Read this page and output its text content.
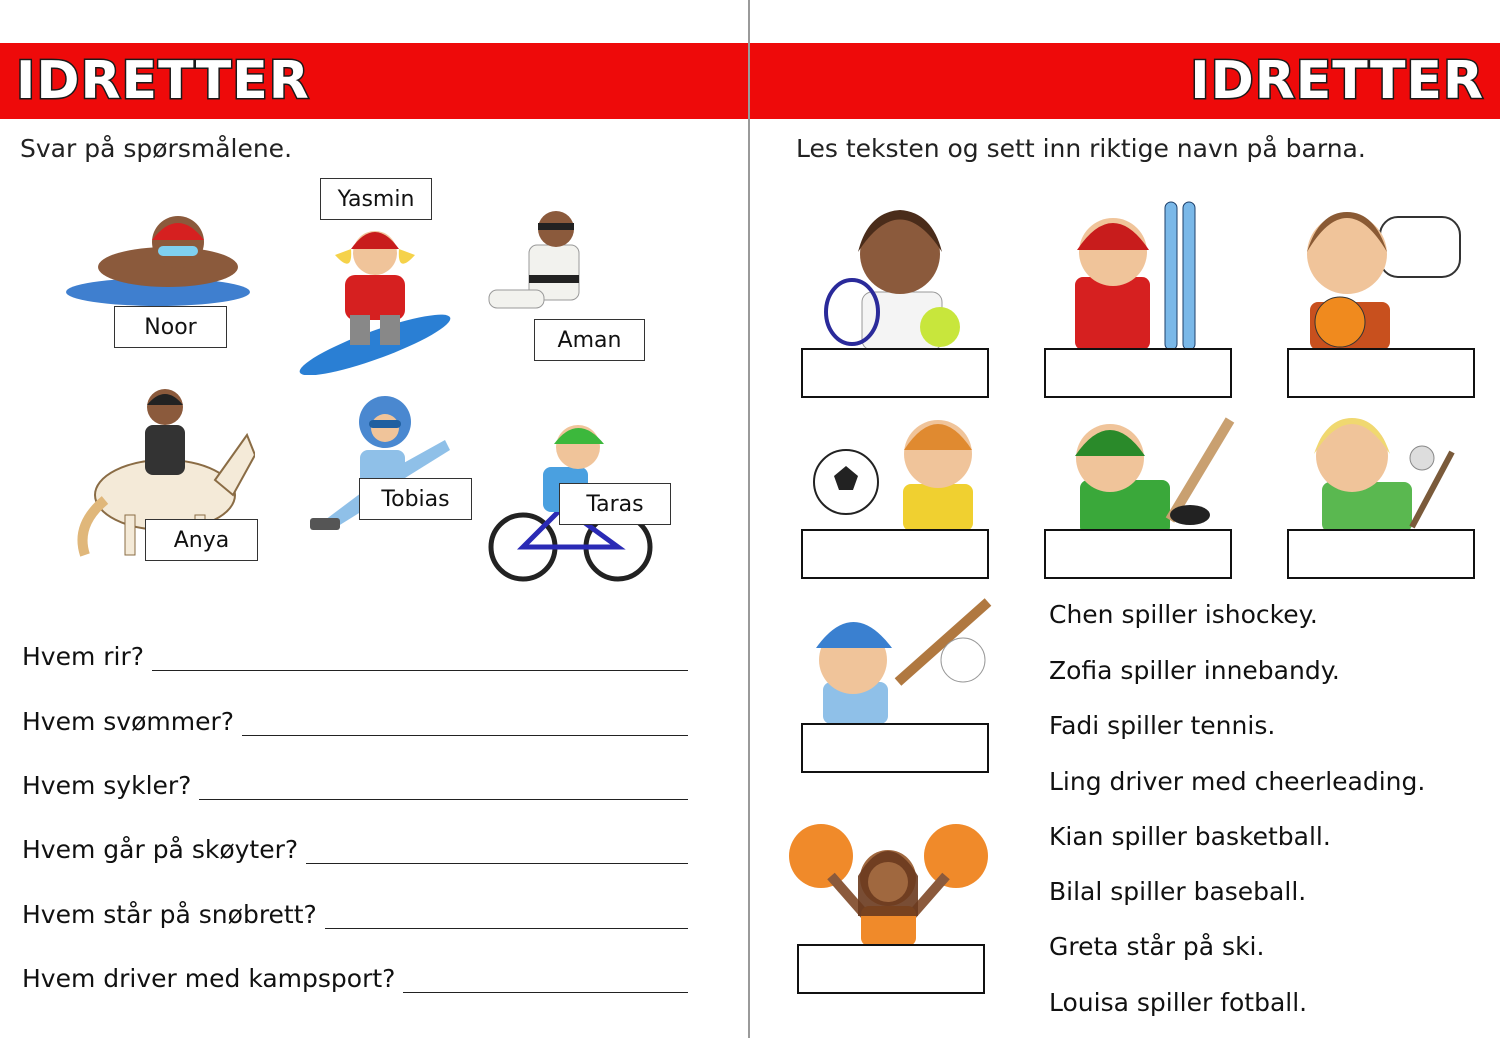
IDRETTER	IDRETTER
Svar på spørsmålene.	Les teksten og sett inn riktige navn på barna.
Noor
Yasmin
Aman
Anya
Tobias	Taras
Hvem rir?
Hvem svømmer?
Hvem sykler?
Hvem går på skøyter?
Hvem står på snøbrett?
Hvem driver med kampsport?
Chen spiller ishockey.
Zofia spiller innebandy.
Fadi spiller tennis.
Ling driver med cheerleading.
Kian spiller basketball.
Bilal spiller baseball.
Greta står på ski.
Louisa spiller fotball.
